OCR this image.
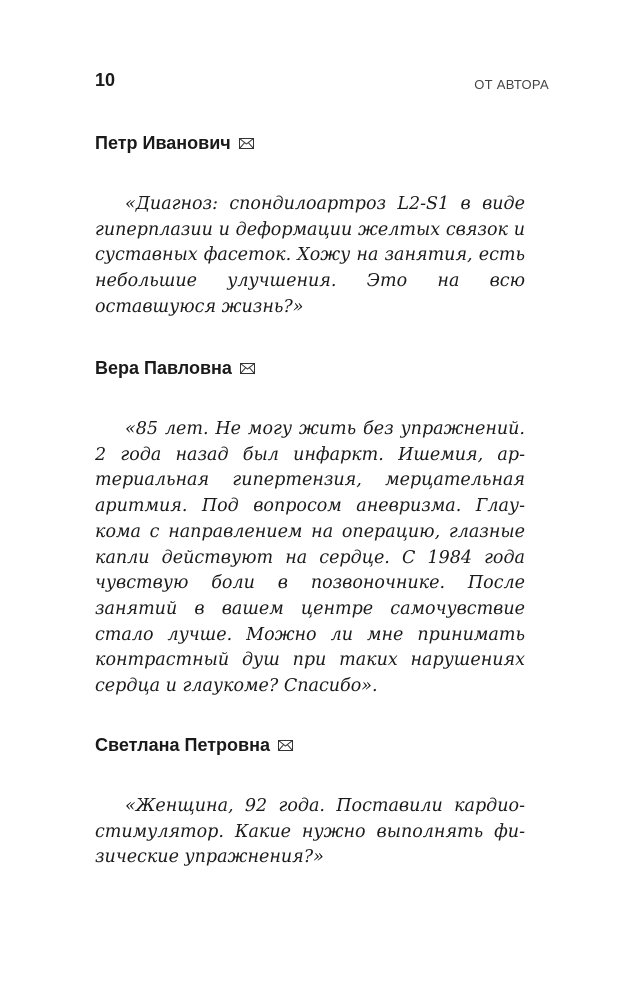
10	ОТ АВТОРА
Петр Иванович

«Диагноз: спондилоартроз L2-S1 в виде гиперплазии и деформации желтых связок и суставных фасеток. Хожу на занятия, есть небольшие улучшения. Это на всю оставшуюся жизнь?»

Вера Павловна

«85 лет. Не могу жить без упражнений. 2 года назад был инфаркт. Ишемия, артериальная гипертензия, мерцательная аритмия. Под вопросом аневризма. Глаукома с направлением на операцию, глазные капли действуют на сердце. С 1984 года чувствую боли в позвоночнике. После занятий в вашем центре самочувствие стало лучше. Можно ли мне принимать контрастный душ при таких нарушениях сердца и глаукоме? Спасибо».

Светлана Петровна

«Женщина, 92 года. Поставили кардиостимулятор. Какие нужно выполнять физические упражнения?»
